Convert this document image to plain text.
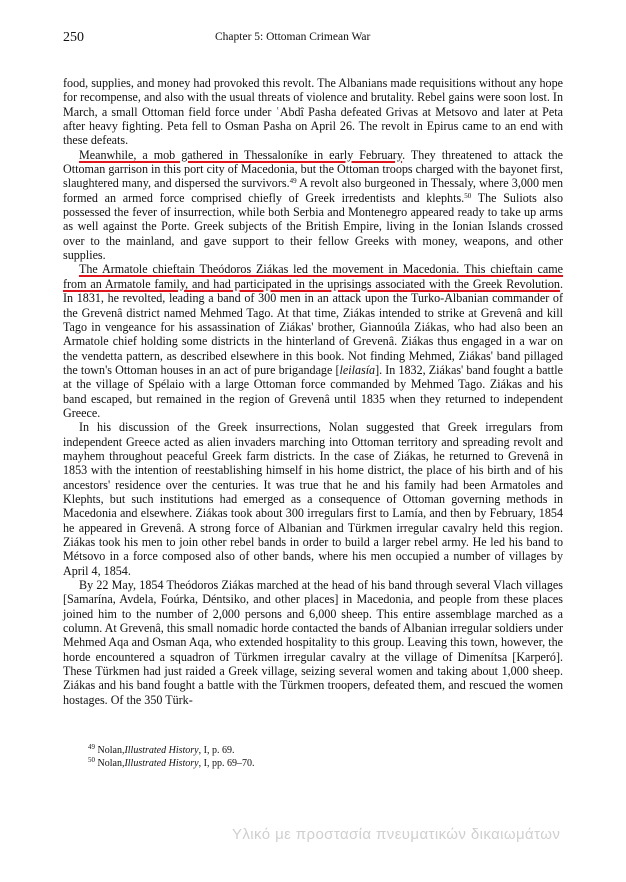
250	Chapter 5: Ottoman Crimean War

food, supplies, and money had provoked this revolt. The Albanians made requisitions without any hope for recompense, and also with the usual threats of violence and brutality. Rebel gains were soon lost. In March, a small Ottoman field force under ʿAbdî Pasha defeated Grivas at Metsovo and later at Peta after heavy fighting. Peta fell to Osman Pasha on April 26. The revolt in Epirus came to an end with these defeats.

Meanwhile, a mob gathered in Thessaloníke in early February. They threatened to attack the Ottoman garrison in this port city of Macedonia, but the Ottoman troops charged with the bayonet first, slaughtered many, and dispersed the survivors.$^{49}$ A revolt also burgeoned in Thessaly, where 3,000 men formed an armed force comprised chiefly of Greek irredentists and klephts.$^{50}$ The Suliots also possessed the fever of insurrection, while both Serbia and Montenegro appeared ready to take up arms as well against the Porte. Greek subjects of the British Empire, living in the Ionian Islands crossed over to the mainland, and gave support to their fellow Greeks with money, weapons, and other supplies.

The Armatole chieftain Theódoros Ziákas led the movement in Macedonia. This chieftain came from an Armatole family, and had participated in the uprisings associated with the Greek Revolution. In 1831, he revolted, leading a band of 300 men in an attack upon the Turko-Albanian commander of the Grevenâ district named Mehmed Tago. At that time, Ziákas intended to strike at Grevenâ and kill Tago in vengeance for his assassination of Ziákas' brother, Giannoúla Ziákas, who had also been an Armatole chief holding some districts in the hinterland of Grevenâ. Ziákas thus engaged in a war on the vendetta pattern, as described elsewhere in this book. Not finding Mehmed, Ziákas' band pillaged the town's Ottoman houses in an act of pure brigandage [leilasía]. In 1832, Ziákas' band fought a battle at the village of Spélaio with a large Ottoman force commanded by Mehmed Tago. Ziákas and his band escaped, but remained in the region of Grevenâ until 1835 when they returned to independent Greece.

In his discussion of the Greek insurrections, Nolan suggested that Greek irregulars from independent Greece acted as alien invaders marching into Ottoman territory and spreading revolt and mayhem throughout peaceful Greek farm districts. In the case of Ziákas, he returned to Grevenâ in 1853 with the intention of reestablishing himself in his home district, the place of his birth and of his ancestors' residence over the centuries. It was true that he and his family had been Armatoles and Klephts, but such institutions had emerged as a consequence of Ottoman governing methods in Macedonia and elsewhere. Ziákas took about 300 irregulars first to Lamía, and then by February, 1854 he appeared in Grevenâ. A strong force of Albanian and Türkmen irregular cavalry held this region. Ziákas took his men to join other rebel bands in order to build a larger rebel army. He led his band to Métsovo in a force composed also of other bands, where his men occupied a number of villages by April 4, 1854.

By 22 May, 1854 Theódoros Ziákas marched at the head of his band through several Vlach villages [Samarína, Avdela, Foúrka, Déntsiko, and other places] in Macedonia, and people from these places joined him to the number of 2,000 persons and 6,000 sheep. This entire assemblage marched as a column. At Grevenâ, this small nomadic horde contacted the bands of Albanian irregular soldiers under Mehmed Aqa and Osman Aqa, who extended hospitality to this group. Leaving this town, however, the horde encountered a squadron of Türkmen irregular cavalry at the village of Dimenítsa [Karperó]. These Türkmen had just raided a Greek village, seizing several women and taking about 1,000 sheep. Ziákas and his band fought a battle with the Türkmen troopers, defeated them, and rescued the women hostages. Of the 350 Türk-

$^{49}$ Nolan,Illustrated History, I, p. 69.
$^{50}$ Nolan,Illustrated History, I, pp. 69–70.
Υλικό με προστασία πνευματικών δικαιωμάτων
